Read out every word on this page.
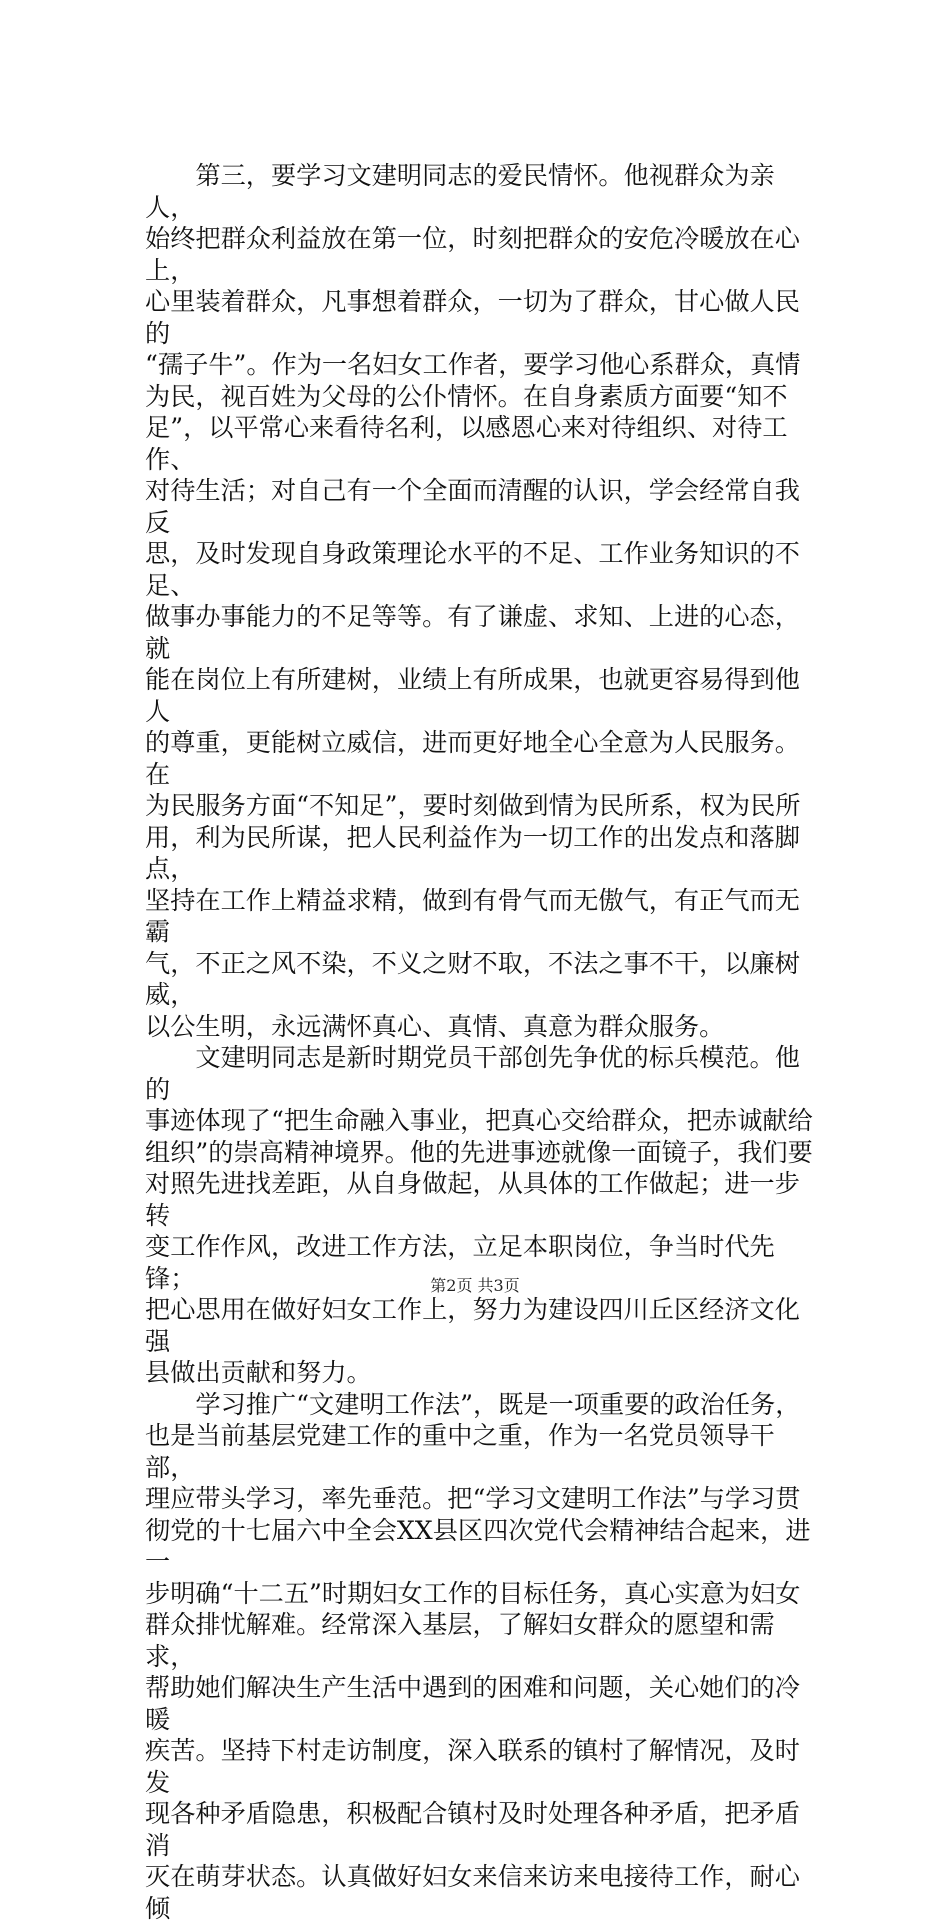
　　第三，要学习文建明同志的爱民情怀。他视群众为亲人，
始终把群众利益放在第一位，时刻把群众的安危冷暖放在心上，
心里装着群众，凡事想着群众，一切为了群众，甘心做人民的
“孺子牛”。作为一名妇女工作者，要学习他心系群众，真情
为民，视百姓为父母的公仆情怀。在自身素质方面要“知不
足”，以平常心来看待名利，以感恩心来对待组织、对待工作、
对待生活；对自己有一个全面而清醒的认识，学会经常自我反
思，及时发现自身政策理论水平的不足、工作业务知识的不足、
做事办事能力的不足等等。有了谦虚、求知、上进的心态，就
能在岗位上有所建树，业绩上有所成果，也就更容易得到他人
的尊重，更能树立威信，进而更好地全心全意为人民服务。在
为民服务方面“不知足”，要时刻做到情为民所系，权为民所
用，利为民所谋，把人民利益作为一切工作的出发点和落脚点，
坚持在工作上精益求精，做到有骨气而无傲气，有正气而无霸
气，不正之风不染，不义之财不取，不法之事不干，以廉树威，
以公生明，永远满怀真心、真情、真意为群众服务。

　　文建明同志是新时期党员干部创先争优的标兵模范。他的
事迹体现了“把生命融入事业，把真心交给群众，把赤诚献给
组织”的崇高精神境界。他的先进事迹就像一面镜子，我们要
对照先进找差距，从自身做起，从具体的工作做起；进一步转
变工作作风，改进工作方法，立足本职岗位，争当时代先锋；
把心思用在做好妇女工作上，努力为建设四川丘区经济文化强
县做出贡献和努力。

　　学习推广“文建明工作法”，既是一项重要的政治任务，
也是当前基层党建工作的重中之重，作为一名党员领导干部，
理应带头学习，率先垂范。把“学习文建明工作法”与学习贯
彻党的十七届六中全会XX县区四次党代会精神结合起来，进一
步明确“十二五”时期妇女工作的目标任务，真心实意为妇女
群众排忧解难。经常深入基层，了解妇女群众的愿望和需求，
帮助她们解决生产生活中遇到的困难和问题，关心她们的冷暖
疾苦。坚持下村走访制度，深入联系的镇村了解情况，及时发
现各种矛盾隐患，积极配合镇村及时处理各种矛盾，把矛盾消
灭在萌芽状态。认真做好妇女来信来访来电接待工作，耐心倾

第2页 共3页
